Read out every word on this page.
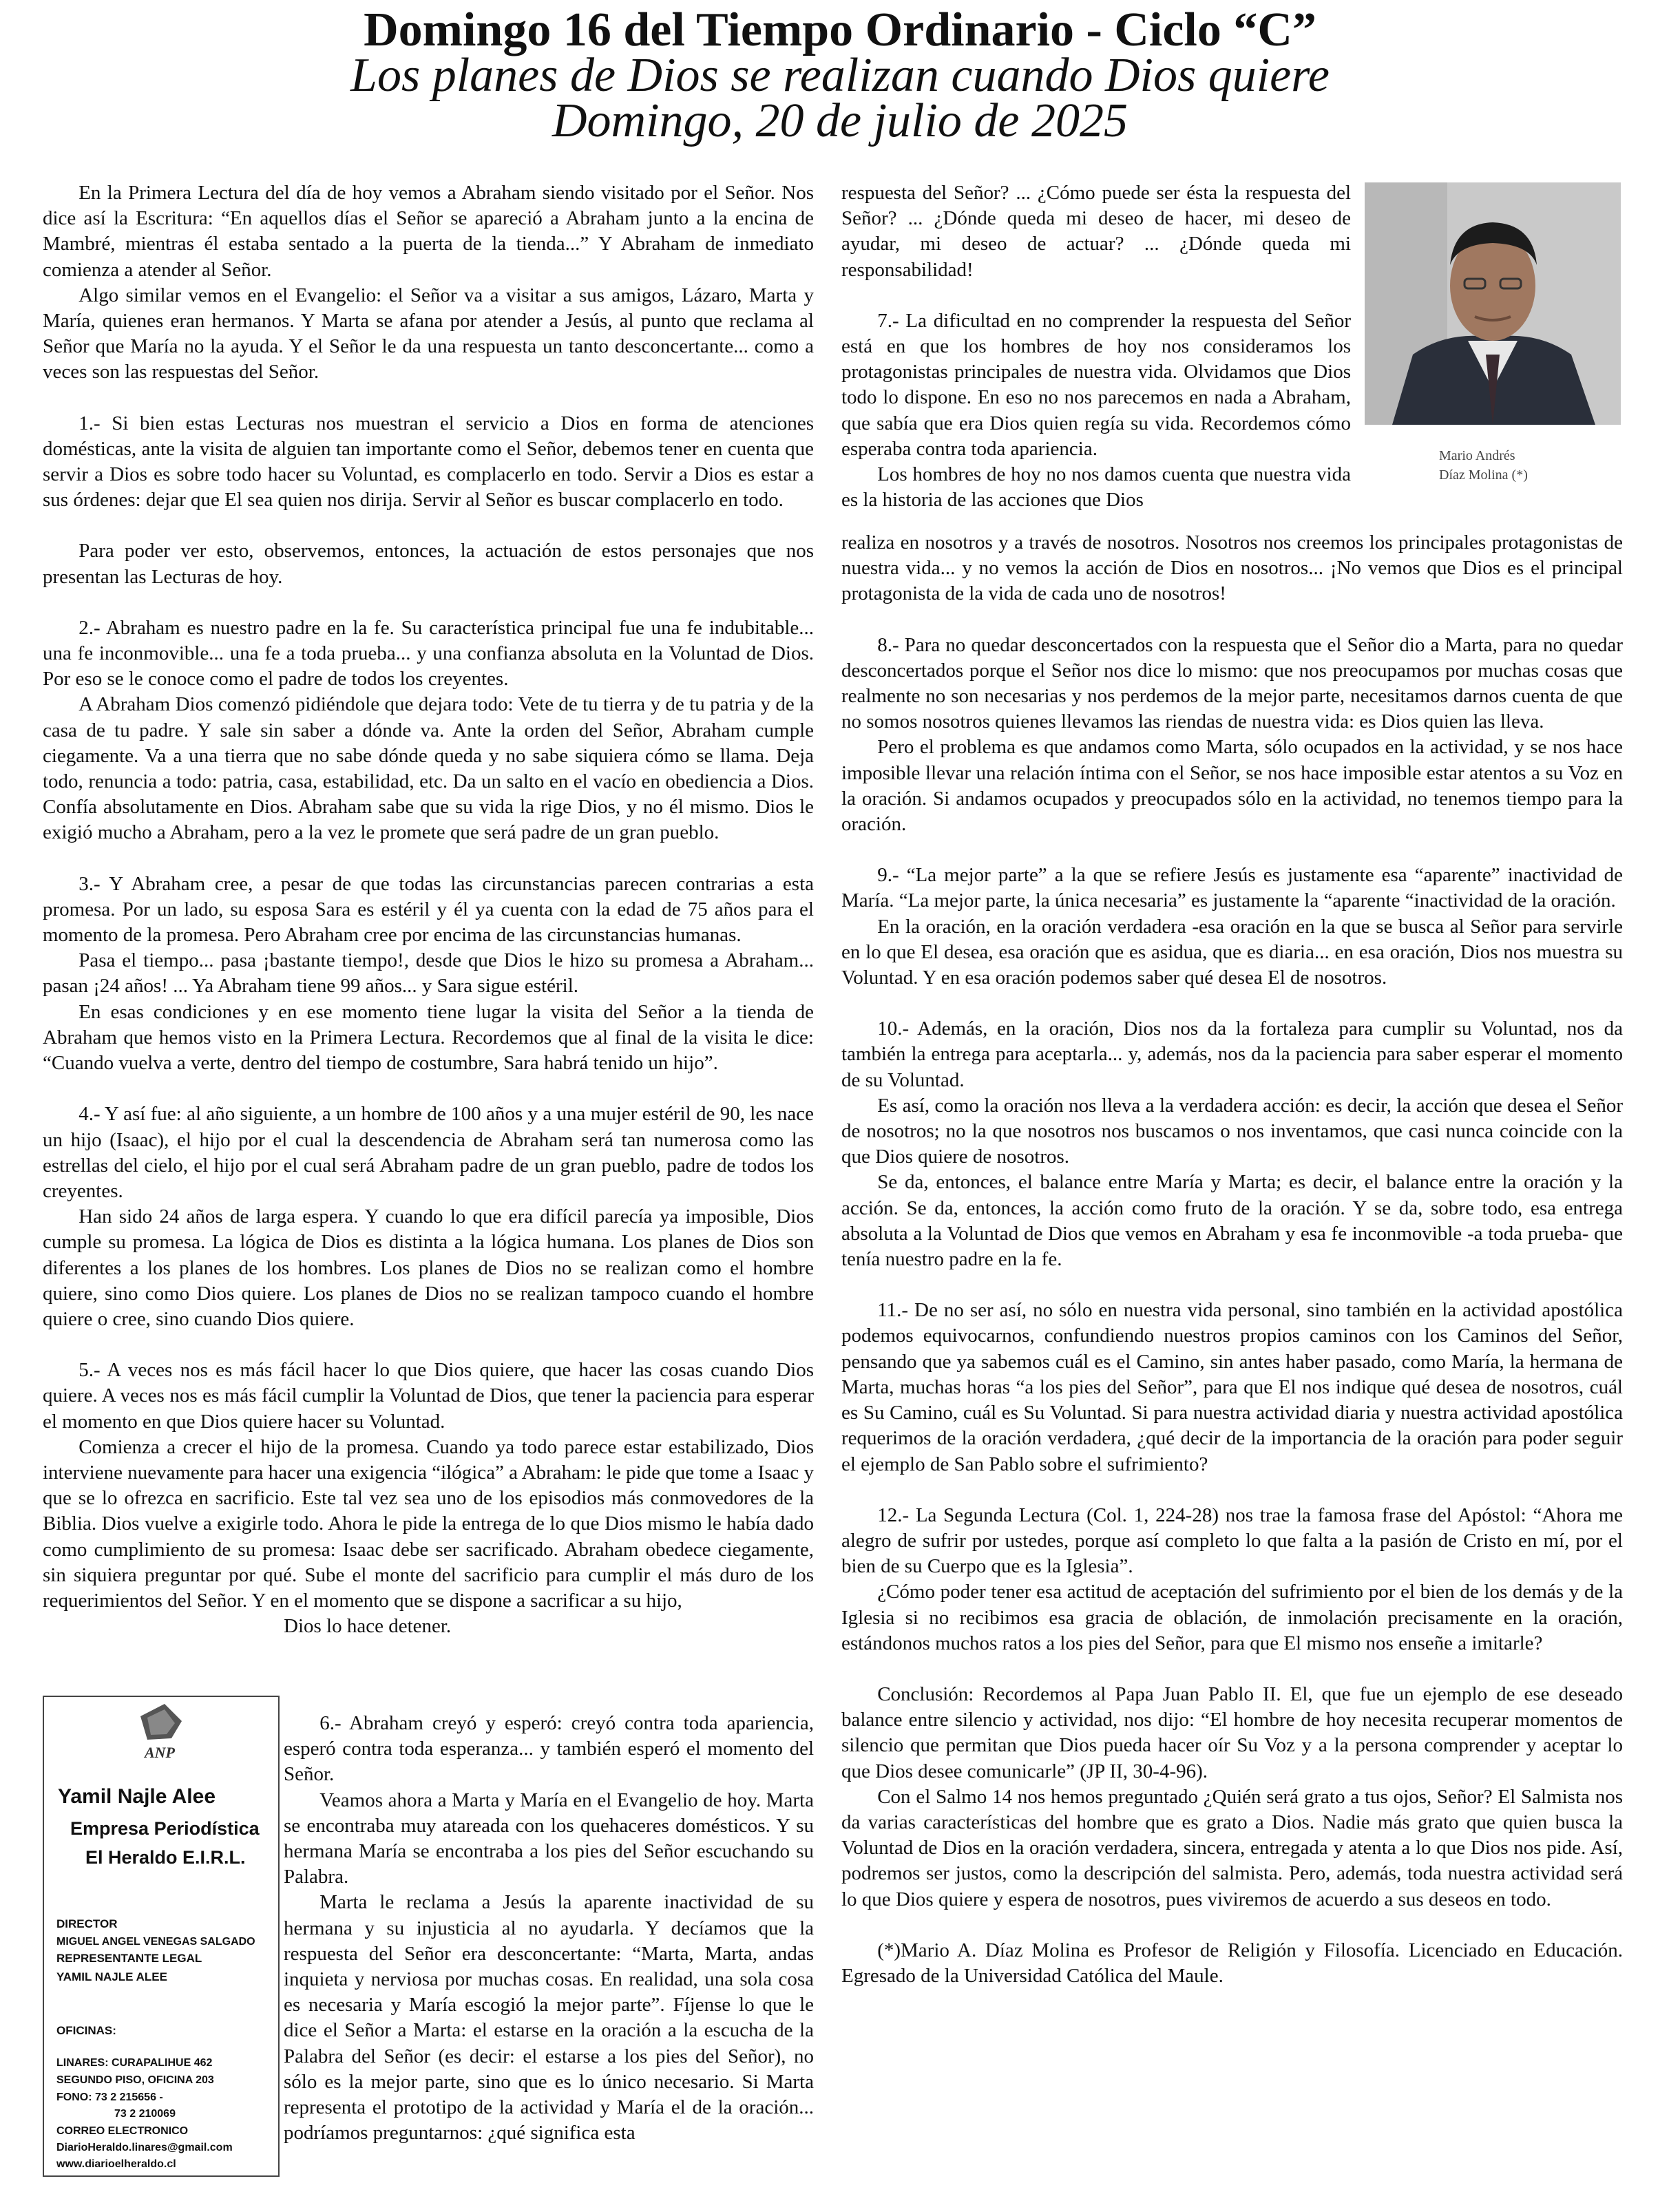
Domingo 16 del Tiempo Ordinario - Ciclo “C”
Los planes de Dios se realizan cuando Dios quiere
Domingo, 20 de julio de 2025

En la Primera Lectura del día de hoy vemos a Abraham siendo visitado por el Señor. Nos dice así la Escritura: “En aquellos días el Señor se apareció a Abraham junto a la encina de Mambré, mientras él estaba sentado a la puerta de la tienda...” Y Abraham de inmediato comienza a atender al Señor.

Algo similar vemos en el Evangelio: el Señor va a visitar a sus amigos, Lázaro, Marta y María, quienes eran hermanos. Y Marta se afana por atender a Jesús, al punto que reclama al Señor que María no la ayuda. Y el Señor le da una respuesta un tanto desconcertante... como a veces son las respuestas del Señor.

1.- Si bien estas Lecturas nos muestran el servicio a Dios en forma de atenciones domésticas, ante la visita de alguien tan importante como el Señor, debemos tener en cuenta que servir a Dios es sobre todo hacer su Voluntad, es complacerlo en todo. Servir a Dios es estar a sus órdenes: dejar que El sea quien nos dirija. Servir al Señor es buscar complacerlo en todo.

Para poder ver esto, observemos, entonces, la actuación de estos personajes que nos presentan las Lecturas de hoy.

2.- Abraham es nuestro padre en la fe. Su característica principal fue una fe indubitable... una fe inconmovible... una fe a toda prueba... y una confianza absoluta en la Voluntad de Dios. Por eso se le conoce como el padre de todos los creyentes.

A Abraham Dios comenzó pidiéndole que dejara todo: Vete de tu tierra y de tu patria y de la casa de tu padre. Y sale sin saber a dónde va. Ante la orden del Señor, Abraham cumple ciegamente. Va a una tierra que no sabe dónde queda y no sabe siquiera cómo se llama. Deja todo, renuncia a todo: patria, casa, estabilidad, etc. Da un salto en el vacío en obediencia a Dios. Confía absolutamente en Dios. Abraham sabe que su vida la rige Dios, y no él mismo. Dios le exigió mucho a Abraham, pero a la vez le promete que será padre de un gran pueblo.

3.- Y Abraham cree, a pesar de que todas las circunstancias parecen contrarias a esta promesa. Por un lado, su esposa Sara es estéril y él ya cuenta con la edad de 75 años para el momento de la promesa. Pero Abraham cree por encima de las circunstancias humanas.

Pasa el tiempo... pasa ¡bastante tiempo!, desde que Dios le hizo su promesa a Abraham... pasan ¡24 años! ... Ya Abraham tiene 99 años... y Sara sigue estéril.

En esas condiciones y en ese momento tiene lugar la visita del Señor a la tienda de Abraham que hemos visto en la Primera Lectura. Recordemos que al final de la visita le dice: “Cuando vuelva a verte, dentro del tiempo de costumbre, Sara habrá tenido un hijo”.

4.- Y así fue: al año siguiente, a un hombre de 100 años y a una mujer estéril de 90, les nace un hijo (Isaac), el hijo por el cual la descendencia de Abraham será tan numerosa como las estrellas del cielo, el hijo por el cual será Abraham padre de un gran pueblo, padre de todos los creyentes.

Han sido 24 años de larga espera. Y cuando lo que era difícil parecía ya imposible, Dios cumple su promesa. La lógica de Dios es distinta a la lógica humana. Los planes de Dios son diferentes a los planes de los hombres. Los planes de Dios no se realizan como el hombre quiere, sino como Dios quiere. Los planes de Dios no se realizan tampoco cuando el hombre quiere o cree, sino cuando Dios quiere.

5.- A veces nos es más fácil hacer lo que Dios quiere, que hacer las cosas cuando Dios quiere. A veces nos es más fácil cumplir la Voluntad de Dios, que tener la paciencia para esperar el momento en que Dios quiere hacer su Voluntad.

Comienza a crecer el hijo de la promesa. Cuando ya todo parece estar estabilizado, Dios interviene nuevamente para hacer una exigencia “ilógica” a Abraham: le pide que tome a Isaac y que se lo ofrezca en sacrificio. Este tal vez sea uno de los episodios más conmovedores de la Biblia. Dios vuelve a exigirle todo. Ahora le pide la entrega de lo que Dios mismo le había dado como cumplimiento de su promesa: Isaac debe ser sacrificado. Abraham obedece ciegamente, sin siquiera preguntar por qué. Sube el monte del sacrificio para cumplir el más duro de los requerimientos del Señor. Y en el momento que se dispone a sacrificar a su hijo,

Dios lo hace detener.

6.- Abraham creyó y esperó: creyó contra toda apariencia, esperó contra toda esperanza... y también esperó el momento del Señor.

Veamos ahora a Marta y María en el Evangelio de hoy. Marta se encontraba muy atareada con los quehaceres domésticos. Y su hermana María se encontraba a los pies del Señor escuchando su Palabra.

Marta le reclama a Jesús la aparente inactividad de su hermana y su injusticia al no ayudarla. Y decíamos que la respuesta del Señor era desconcertante: “Marta, Marta, andas inquieta y nerviosa por muchas cosas. En realidad, una sola cosa es necesaria y María escogió la mejor parte”. Fíjense lo que le dice el Señor a Marta: el estarse en la oración a la escucha de la Palabra del Señor (es decir: el estarse a los pies del Señor), no sólo es la mejor parte, sino que es lo único necesario. Si Marta representa el prototipo de la actividad y María el de la oración... podríamos preguntarnos: ¿qué significa esta

ANP
Yamil Najle Alee
Empresa Periodística
El Heraldo E.I.R.L.
DIRECTOR
MIGUEL ANGEL VENEGAS SALGADO
REPRESENTANTE LEGAL
YAMIL NAJLE ALEE
OFICINAS:
LINARES: CURAPALIHUE 462
SEGUNDO PISO, OFICINA 203
FONO: 73 2 215656 -
73 2 210069
CORREO ELECTRONICO
DiarioHeraldo.linares@gmail.com
www.diarioelheraldo.cl

respuesta del Señor? ... ¿Cómo puede ser ésta la respuesta del Señor? ... ¿Dónde queda mi deseo de hacer, mi deseo de ayudar, mi deseo de actuar? ... ¿Dónde queda mi responsabilidad!

7.- La dificultad en no comprender la respuesta del Señor está en que los hombres de hoy nos consideramos los protagonistas principales de nuestra vida. Olvidamos que Dios todo lo dispone. En eso no nos parecemos en nada a Abraham, que sabía que era Dios quien regía su vida. Recordemos cómo esperaba contra toda apariencia.

Los hombres de hoy no nos damos cuenta que nuestra vida es la historia de las acciones que Dios

Mario Andrés
Díaz Molina (*)

realiza en nosotros y a través de nosotros. Nosotros nos creemos los principales protagonistas de nuestra vida... y no vemos la acción de Dios en nosotros... ¡No vemos que Dios es el principal protagonista de la vida de cada uno de nosotros!

8.- Para no quedar desconcertados con la respuesta que el Señor dio a Marta, para no quedar desconcertados porque el Señor nos dice lo mismo: que nos preocupamos por muchas cosas que realmente no son necesarias y nos perdemos de la mejor parte, necesitamos darnos cuenta de que no somos nosotros quienes llevamos las riendas de nuestra vida: es Dios quien las lleva.

Pero el problema es que andamos como Marta, sólo ocupados en la actividad, y se nos hace imposible llevar una relación íntima con el Señor, se nos hace imposible estar atentos a su Voz en la oración. Si andamos ocupados y preocupados sólo en la actividad, no tenemos tiempo para la oración.

9.- “La mejor parte” a la que se refiere Jesús es justamente esa “aparente” inactividad de María. “La mejor parte, la única necesaria” es justamente la “aparente “inactividad de la oración.

En la oración, en la oración verdadera -esa oración en la que se busca al Señor para servirle en lo que El desea, esa oración que es asidua, que es diaria... en esa oración, Dios nos muestra su Voluntad. Y en esa oración podemos saber qué desea El de nosotros.

10.- Además, en la oración, Dios nos da la fortaleza para cumplir su Voluntad, nos da también la entrega para aceptarla... y, además, nos da la paciencia para saber esperar el momento de su Voluntad.

Es así, como la oración nos lleva a la verdadera acción: es decir, la acción que desea el Señor de nosotros; no la que nosotros nos buscamos o nos inventamos, que casi nunca coincide con la que Dios quiere de nosotros.

Se da, entonces, el balance entre María y Marta; es decir, el balance entre la oración y la acción. Se da, entonces, la acción como fruto de la oración. Y se da, sobre todo, esa entrega absoluta a la Voluntad de Dios que vemos en Abraham y esa fe inconmovible -a toda prueba- que tenía nuestro padre en la fe.

11.- De no ser así, no sólo en nuestra vida personal, sino también en la actividad apostólica podemos equivocarnos, confundiendo nuestros propios caminos con los Caminos del Señor, pensando que ya sabemos cuál es el Camino, sin antes haber pasado, como María, la hermana de Marta, muchas horas “a los pies del Señor”, para que El nos indique qué desea de nosotros, cuál es Su Camino, cuál es Su Voluntad. Si para nuestra actividad diaria y nuestra actividad apostólica requerimos de la oración verdadera, ¿qué decir de la importancia de la oración para poder seguir el ejemplo de San Pablo sobre el sufrimiento?

12.- La Segunda Lectura (Col. 1, 224-28) nos trae la famosa frase del Apóstol: “Ahora me alegro de sufrir por ustedes, porque así completo lo que falta a la pasión de Cristo en mí, por el bien de su Cuerpo que es la Iglesia”.

¿Cómo poder tener esa actitud de aceptación del sufrimiento por el bien de los demás y de la Iglesia si no recibimos esa gracia de oblación, de inmolación precisamente en la oración, estándonos muchos ratos a los pies del Señor, para que El mismo nos enseñe a imitarle?

Conclusión: Recordemos al Papa Juan Pablo II. El, que fue un ejemplo de ese deseado balance entre silencio y actividad, nos dijo: “El hombre de hoy necesita recuperar momentos de silencio que permitan que Dios pueda hacer oír Su Voz y a la persona comprender y aceptar lo que Dios desee comunicarle” (JP II, 30-4-96).

Con el Salmo 14 nos hemos preguntado ¿Quién será grato a tus ojos, Señor? El Salmista nos da varias características del hombre que es grato a Dios. Nadie más grato que quien busca la Voluntad de Dios en la oración verdadera, sincera, entregada y atenta a lo que Dios nos pide. Así, podremos ser justos, como la descripción del salmista. Pero, además, toda nuestra actividad será lo que Dios quiere y espera de nosotros, pues viviremos de acuerdo a sus deseos en todo.

(*)Mario A. Díaz Molina es Profesor de Religión y Filosofía. Licenciado en Educación. Egresado de la Universidad Católica del Maule.
